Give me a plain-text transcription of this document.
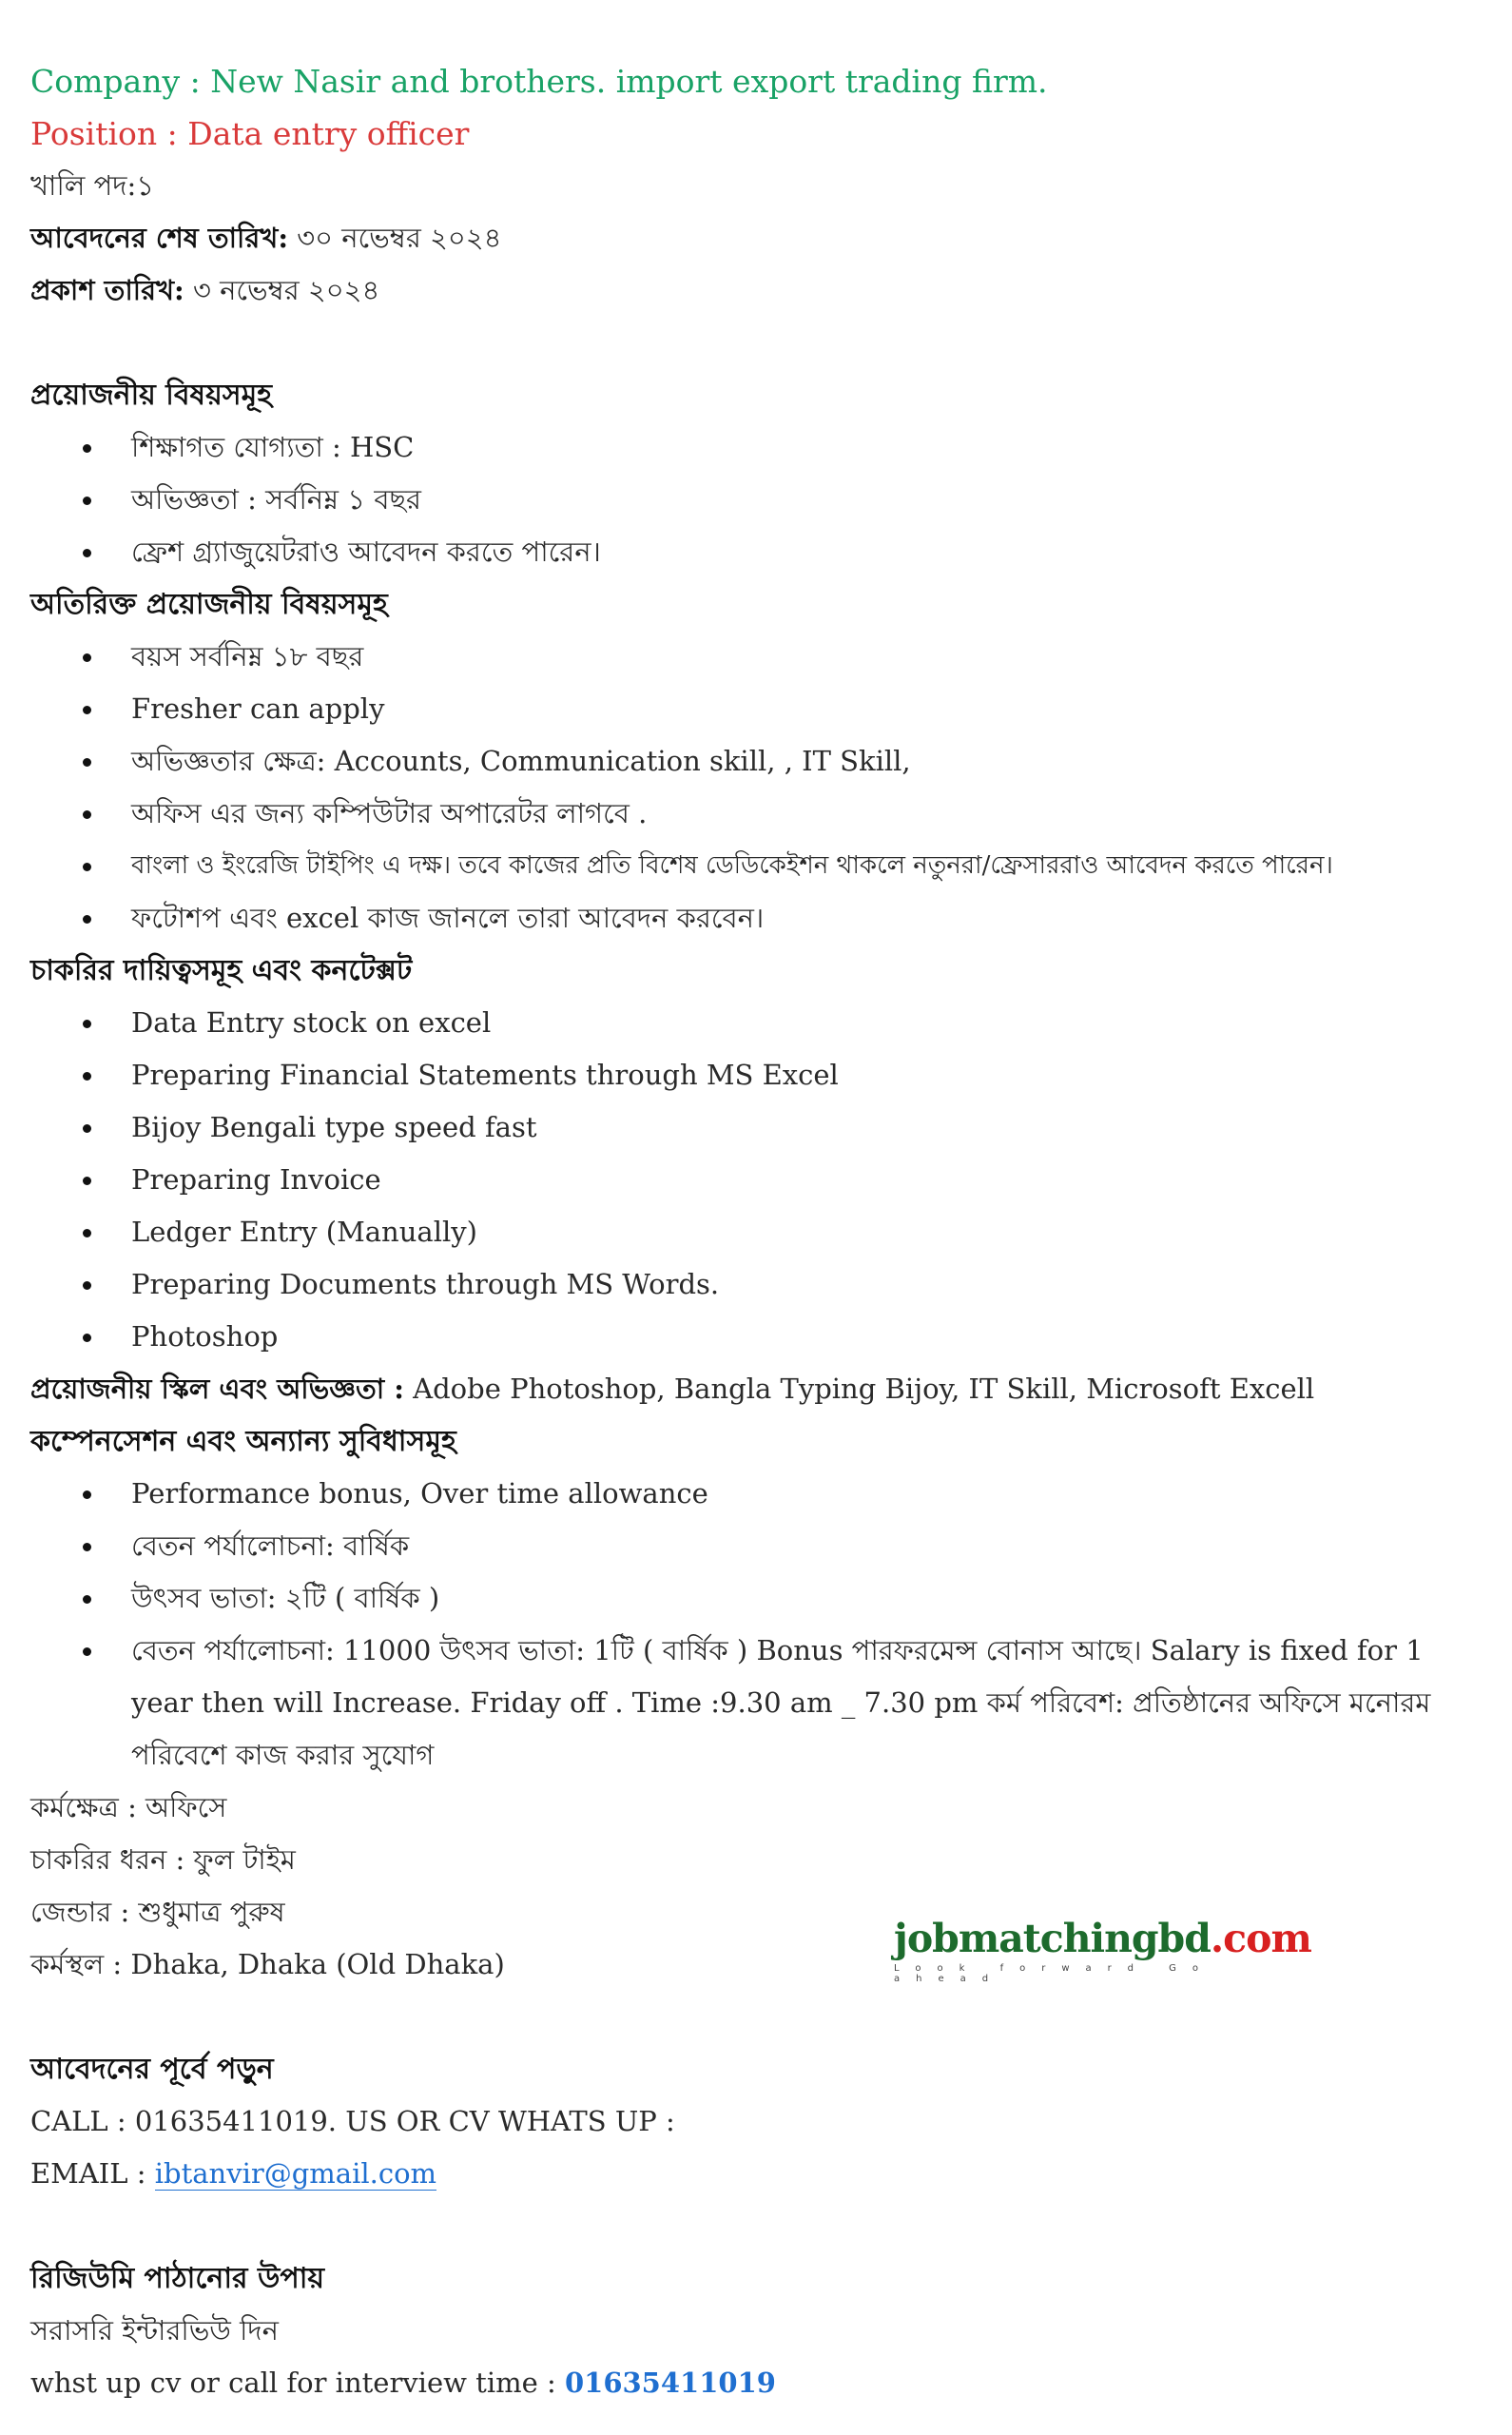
Company : New Nasir and brothers. import export trading firm.
Position : Data entry officer
খালি পদ:১
আবেদনের শেষ তারিখ: ৩০ নভেম্বর ২০২৪
প্রকাশ তারিখ: ৩ নভেম্বর ২০২৪
প্রয়োজনীয় বিষয়সমূহ
শিক্ষাগত যোগ্যতা : HSC
অভিজ্ঞতা : সর্বনিম্ন ১ বছর
ফ্রেশ গ্র্যাজুয়েটরাও আবেদন করতে পারেন।
অতিরিক্ত প্রয়োজনীয় বিষয়সমূহ
বয়স সর্বনিম্ন ১৮ বছর
Fresher can apply
অভিজ্ঞতার ক্ষেত্র: Accounts, Communication skill, , IT Skill,
অফিস এর জন্য কম্পিউটার অপারেটর লাগবে .
বাংলা ও ইংরেজি টাইপিং এ দক্ষ। তবে কাজের প্রতি বিশেষ ডেডিকেইশন থাকলে নতুনরা/ফ্রেসাররাও আবেদন করতে পারেন।
ফটোশপ এবং excel কাজ জানলে তারা আবেদন করবেন।
চাকরির দায়িত্বসমূহ এবং কনটেক্সট
Data Entry stock on excel
Preparing Financial Statements through MS Excel
Bijoy Bengali type speed fast
Preparing Invoice
Ledger Entry (Manually)
Preparing Documents through MS Words.
Photoshop
প্রয়োজনীয় স্কিল এবং অভিজ্ঞতা : Adobe Photoshop, Bangla Typing Bijoy, IT Skill, Microsoft Excell
কম্পেনসেশন এবং অন্যান্য সুবিধাসমূহ
Performance bonus, Over time allowance
বেতন পর্যালোচনা: বার্ষিক
উৎসব ভাতা: ২টি ( বার্ষিক )
বেতন পর্যালোচনা: 11000 উৎসব ভাতা: 1টি ( বার্ষিক ) Bonus পারফরমেন্স বোনাস আছে। Salary is fixed for 1 year then will Increase. Friday off . Time :9.30 am _ 7.30 pm কর্ম পরিবেশ: প্রতিষ্ঠানের অফিসে মনোরম পরিবেশে কাজ করার সুযোগ
কর্মক্ষেত্র : অফিসে
চাকরির ধরন : ফুল টাইম
জেন্ডার : শুধুমাত্র পুরুষ
কর্মস্থল : Dhaka, Dhaka (Old Dhaka)
আবেদনের পূর্বে পড়ুন
CALL : 01635411019. US OR CV WHATS UP :
EMAIL : ibtanvir@gmail.com
রিজিউমি পাঠানোর উপায়
সরাসরি ইন্টারভিউ দিন
whst up cv or call for interview time : 01635411019
jobmatchingbd.com
Look forward Go ahead
